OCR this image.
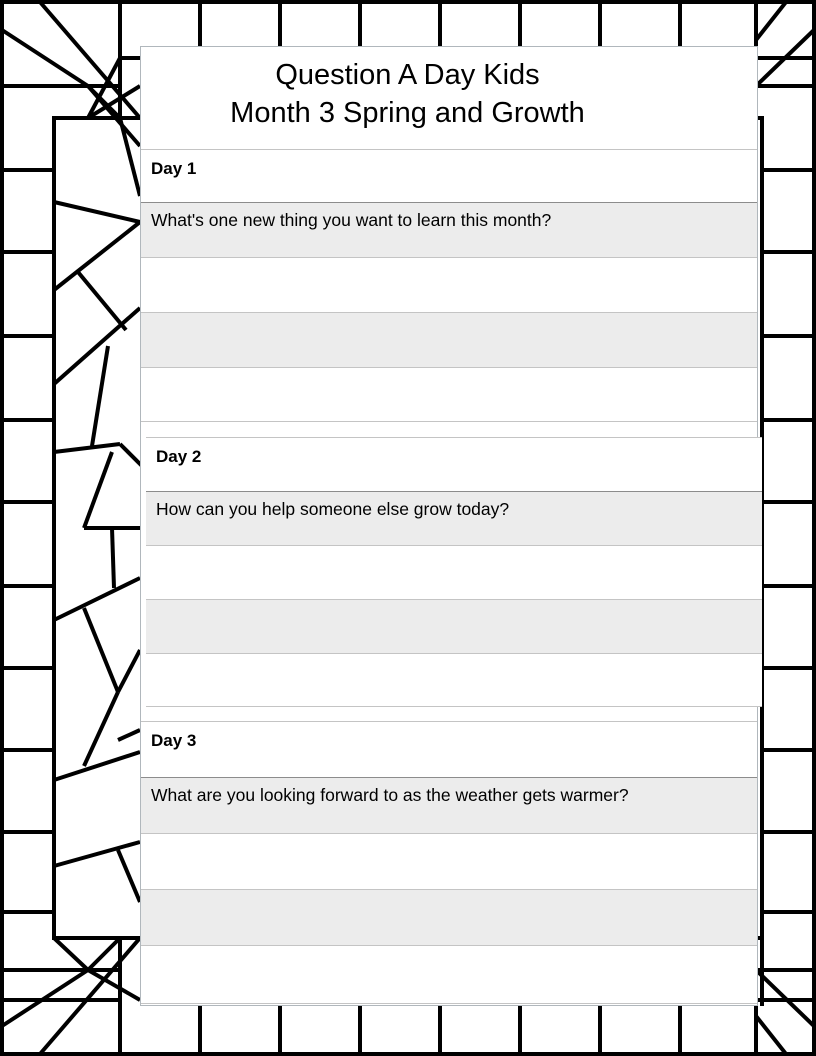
Question A Day Kids
Month 3 Spring and Growth
Day 1
What's one new thing you want to learn this month?
Day 2
How can you help someone else grow today?
Day 3
What are you looking forward to as the weather gets warmer?
